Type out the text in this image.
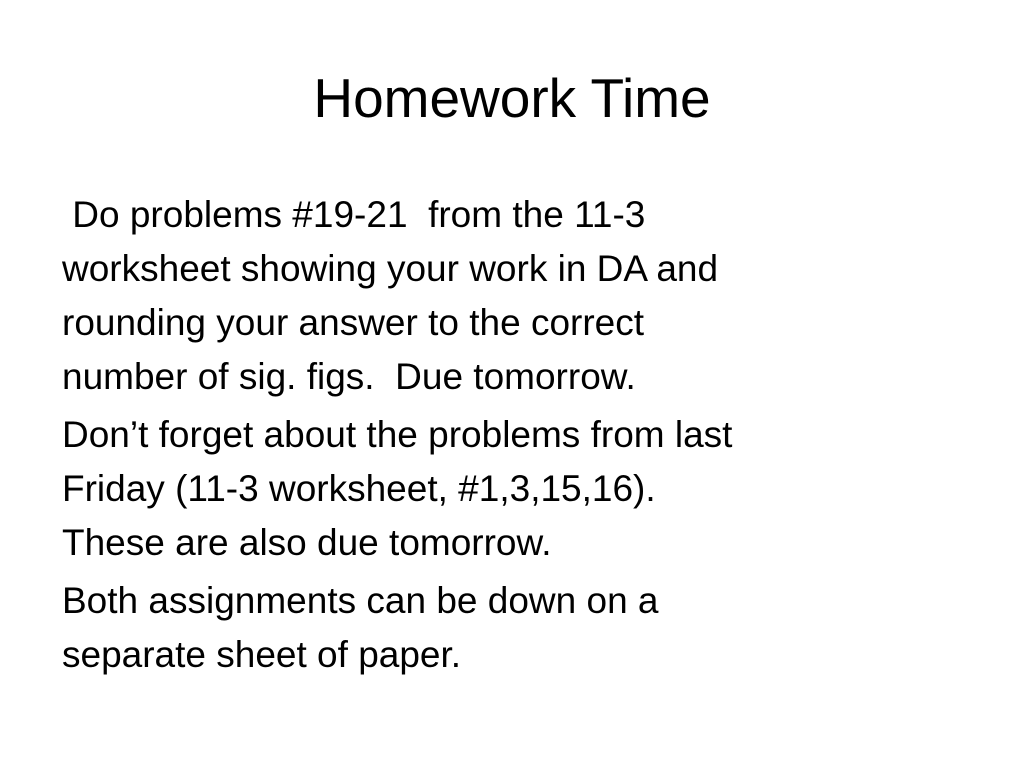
Homework Time
Do problems #19-21  from the 11-3
worksheet showing your work in DA and
rounding your answer to the correct
number of sig. figs.  Due tomorrow.
Don’t forget about the problems from last
Friday (11-3 worksheet, #1,3,15,16).
These are also due tomorrow.
Both assignments can be down on a
separate sheet of paper.
